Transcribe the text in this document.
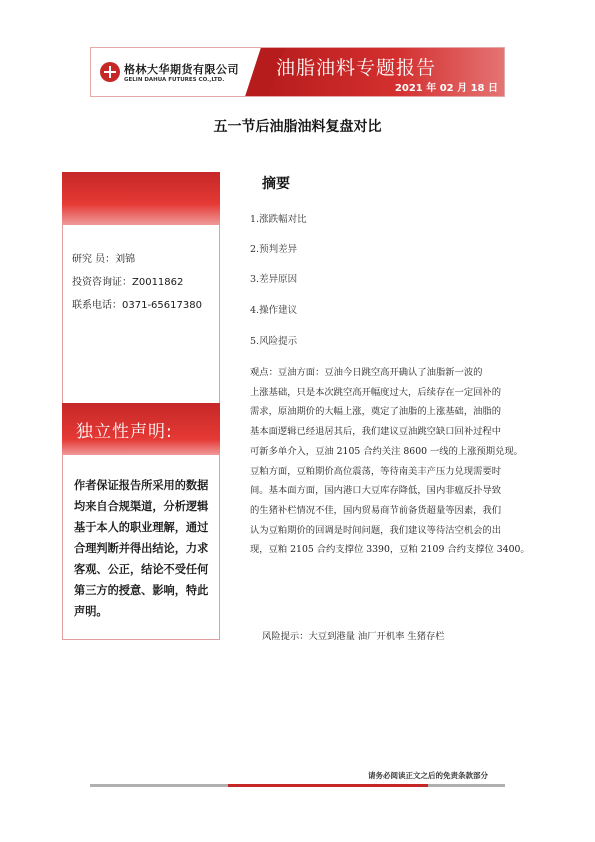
格林大华期货有限公司
GELIN DAHUA FUTURES CO.,LTD.
油脂油料专题报告
2021 年 02 月 18 日
五一节后油脂油料复盘对比
研究 员：刘锦
投资咨询证：Z0011862
联系电话：0371-65617380
独立性声明:
作者保证报告所采用的数据均来自合规渠道，分析逻辑基于本人的职业理解，通过合理判断并得出结论，力求客观、公正，结论不受任何第三方的授意、影响，特此声明。
摘要
1.涨跌幅对比
2.预判差异
3.差异原因
4.操作建议
5.风险提示
观点：豆油方面：豆油今日跳空高开确认了油脂新一波的
上涨基础，只是本次跳空高开幅度过大，后续存在一定回补的
需求，原油期价的大幅上涨，奠定了油脂的上涨基础，油脂的
基本面逻辑已经退居其后，我们建议豆油跳空缺口回补过程中
可新多单介入，豆油 2105 合约关注 8600 一线的上涨预期兑现。
豆粕方面，豆粕期价高位震荡，等待南美丰产压力兑现需要时
间。基本面方面，国内港口大豆库存降低，国内非瘟反扑导致
的生猪补栏情况不佳，国内贸易商节前备货超量等因素，我们
认为豆粕期价的回调是时间问题，我们建议等待沽空机会的出
现，豆粕 2105 合约支撑位 3390，豆粕 2109 合约支撑位 3400。
风险提示：大豆到港量 油厂开机率 生猪存栏
请务必阅读正文之后的免责条款部分
